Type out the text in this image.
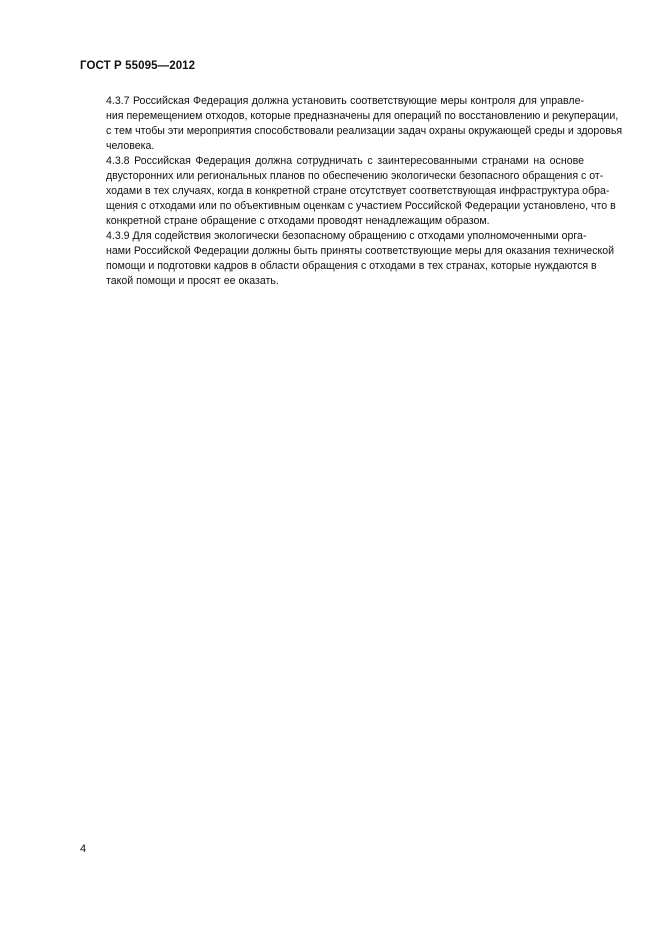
ГОСТ Р 55095—2012
4.3.7 Российская Федерация должна установить соответствующие меры контроля для управле-
ния перемещением отходов, которые предназначены для операций по восстановлению и рекуперации,
с тем чтобы эти мероприятия способствовали реализации задач охраны окружающей среды и здоровья
человека.
4.3.8 Российская Федерация должна сотрудничать с заинтересованными странами на основе
двусторонних или региональных планов по обеспечению экологически безопасного обращения с от-
ходами в тех случаях, когда в конкретной стране отсутствует соответствующая инфраструктура обра-
щения с отходами или по объективным оценкам с участием Российской Федерации установлено, что в
конкретной стране обращение с отходами проводят ненадлежащим образом.
4.3.9 Для содействия экологически безопасному обращению с отходами уполномоченными орга-
нами Российской Федерации должны быть приняты соответствующие меры для оказания технической
помощи и подготовки кадров в области обращения с отходами в тех странах, которые нуждаются в
такой помощи и просят ее оказать.
4
